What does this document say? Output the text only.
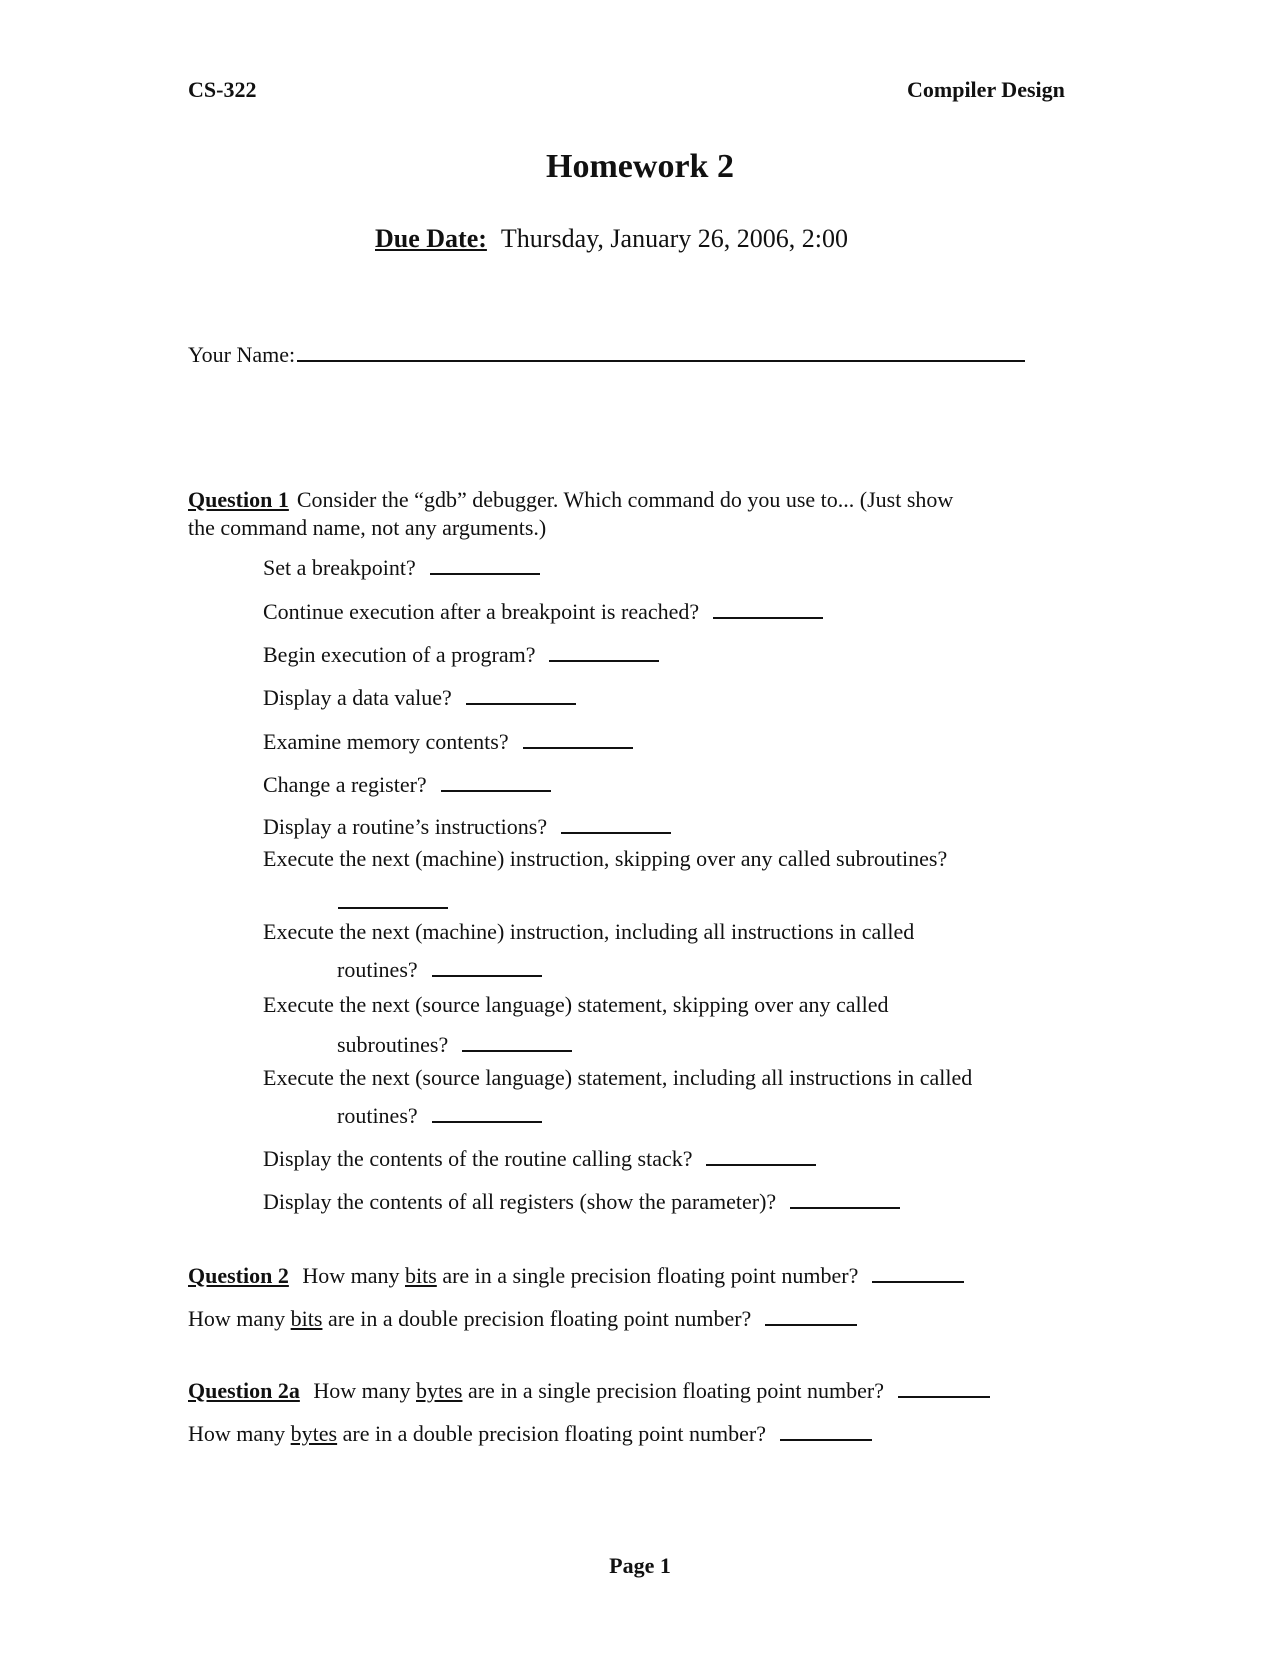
CS-322	Compiler Design
Homework 2
Due Date: Thursday, January 26, 2006, 2:00
Your Name:
Question 1 Consider the “gdb” debugger. Which command do you use to... (Just show
the command name, not any arguments.)
Set a breakpoint?
Continue execution after a breakpoint is reached?
Begin execution of a program?
Display a data value?
Examine memory contents?
Change a register?
Display a routine’s instructions?
Execute the next (machine) instruction, skipping over any called subroutines?
Execute the next (machine) instruction, including all instructions in called
routines?
Execute the next (source language) statement, skipping over any called
subroutines?
Execute the next (source language) statement, including all instructions in called
routines?
Display the contents of the routine calling stack?
Display the contents of all registers (show the parameter)?
Question 2 How many bits are in a single precision floating point number?
How many bits are in a double precision floating point number?
Question 2a How many bytes are in a single precision floating point number?
How many bytes are in a double precision floating point number?
Page 1
